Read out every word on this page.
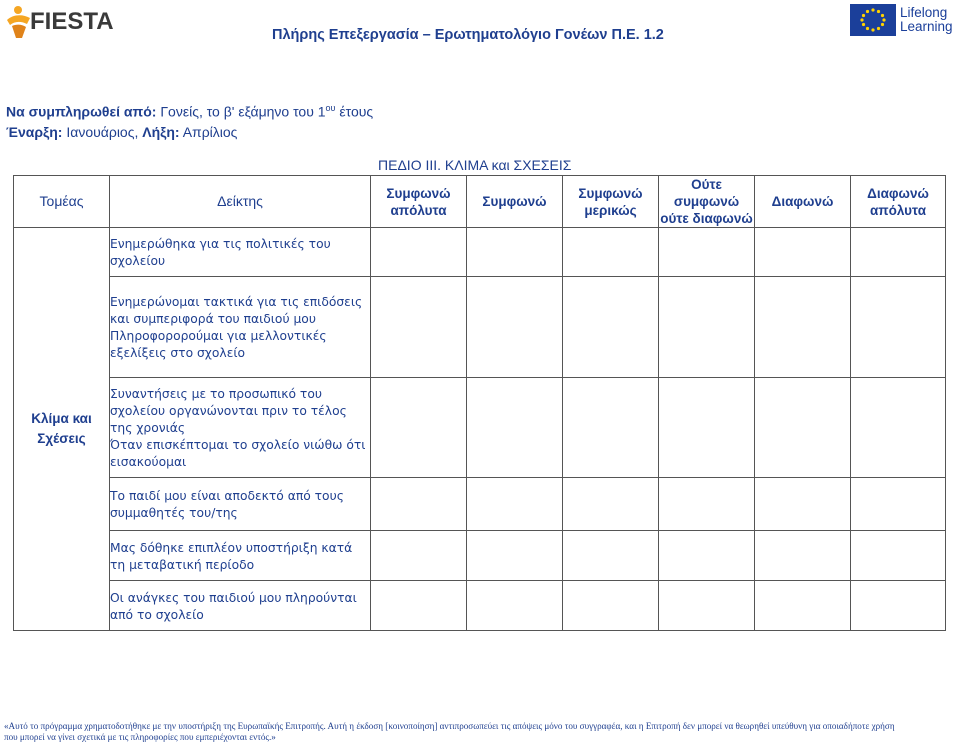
FIESTA	Πλήρης Επεξεργασία – Ερωτηματολόγιο Γονέων Π.Ε. 1.2
Lifelong
Learning
Να συμπληρωθεί από: Γονείς, το β' εξάμηνο του $1^{o\upsilon}$ έτους
Έναρξη: Ιανουάριος, Λήξη: Απρίλιος
ΠΕΔΙΟ ΙΙΙ. ΚΛΙΜΑ και ΣΧΕΣΕΙΣ
Τομέας	Δείκτης	Συμφωνώ απόλυτα	Συμφωνώ	Συμφωνώ μερικώς	Ούτε συμφωνώ ούτε διαφωνώ	Διαφωνώ	Διαφωνώ απόλυτα
Κλίμα και Σχέσεις	Ενημερώθηκα για τις πολιτικές του σχολείου						

	Ενημερώνομαι τακτικά για τις επιδόσεις και συμπεριφορά του παιδιού μου
Πληροφορορούμαι για μελλοντικές εξελίξεις στο σχολείο						

	Συναντήσεις με το προσωπικό του σχολείου οργανώνονται πριν το τέλος της χρονιάς
Όταν επισκέπτομαι το σχολείο νιώθω ότι εισακούομαι						

	Το παιδί μου είναι αποδεκτό από τους συμμαθητές του/της						

	Μας δόθηκε επιπλέον υποστήριξη κατά τη μεταβατική περίοδο						

	Οι ανάγκες του παιδιού μου πληρούνται από το σχολείο						

«Αυτό το πρόγραμμα χρηματοδοτήθηκε με την υποστήριξη της Ευρωπαϊκής Επιτροπής. Αυτή η έκδοση [κοινοποίηση] αντιπροσωπεύει τις απόψεις μόνο του συγγραφέα, και η Επιτροπή δεν μπορεί να θεωρηθεί υπεύθυνη για οποιαδήποτε χρήση
που μπορεί να γίνει σχετικά με τις πληροφορίες που εμπεριέχονται εντός.»
